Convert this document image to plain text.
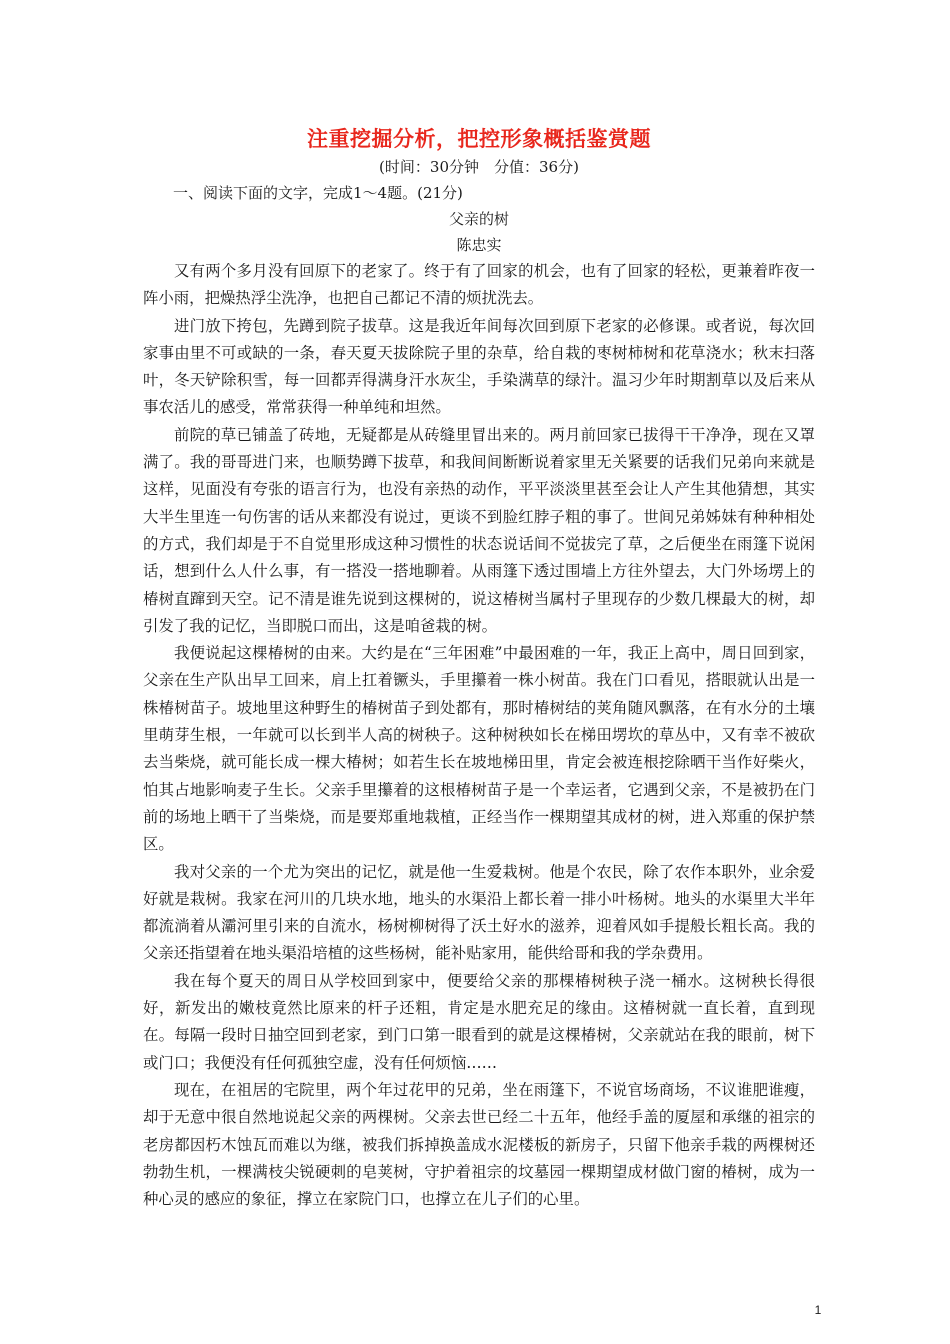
注重挖掘分析，把控形象概括鉴赏题

(时间：30分钟　分值：36分)

一、阅读下面的文字，完成1～4题。(21分)

父亲的树

陈忠实

又有两个多月没有回原下的老家了。终于有了回家的机会，也有了回家的轻松，更兼着昨夜一阵小雨，把燥热浮尘洗净，也把自己都记不清的烦扰洗去。

进门放下挎包，先蹲到院子拔草。这是我近年间每次回到原下老家的必修课。或者说，每次回家事由里不可或缺的一条，春天夏天拔除院子里的杂草，给自栽的枣树柿树和花草浇水；秋末扫落叶，冬天铲除积雪，每一回都弄得满身汗水灰尘，手染满草的绿汁。温习少年时期割草以及后来从事农活儿的感受，常常获得一种单纯和坦然。

前院的草已铺盖了砖地，无疑都是从砖缝里冒出来的。两月前回家已拔得干干净净，现在又罩满了。我的哥哥进门来，也顺势蹲下拔草，和我间间断断说着家里无关紧要的话我们兄弟向来就是这样，见面没有夸张的语言行为，也没有亲热的动作，平平淡淡里甚至会让人产生其他猜想，其实大半生里连一句伤害的话从来都没有说过，更谈不到脸红脖子粗的事了。世间兄弟姊妹有种种相处的方式，我们却是于不自觉里形成这种习惯性的状态说话间不觉拔完了草，之后便坐在雨篷下说闲话，想到什么人什么事，有一搭没一搭地聊着。从雨篷下透过围墙上方往外望去，大门外场塄上的椿树直蹿到天空。记不清是谁先说到这棵树的，说这椿树当属村子里现存的少数几棵最大的树，却引发了我的记忆，当即脱口而出，这是咱爸栽的树。

我便说起这棵椿树的由来。大约是在“三年困难”中最困难的一年，我正上高中，周日回到家，父亲在生产队出早工回来，肩上扛着镢头，手里攥着一株小树苗。我在门口看见，搭眼就认出是一株椿树苗子。坡地里这种野生的椿树苗子到处都有，那时椿树结的荚角随风飘落，在有水分的土壤里萌芽生根，一年就可以长到半人高的树秧子。这种树秧如长在梯田塄坎的草丛中，又有幸不被砍去当柴烧，就可能长成一棵大椿树；如若生长在坡地梯田里，肯定会被连根挖除晒干当作好柴火，怕其占地影响麦子生长。父亲手里攥着的这根椿树苗子是一个幸运者，它遇到父亲，不是被扔在门前的场地上晒干了当柴烧，而是要郑重地栽植，正经当作一棵期望其成材的树，进入郑重的保护禁区。

我对父亲的一个尤为突出的记忆，就是他一生爱栽树。他是个农民，除了农作本职外，业余爱好就是栽树。我家在河川的几块水地，地头的水渠沿上都长着一排小叶杨树。地头的水渠里大半年都流淌着从灞河里引来的自流水，杨树柳树得了沃土好水的滋养，迎着风如手提般长粗长高。我的父亲还指望着在地头渠沿培植的这些杨树，能补贴家用，能供给哥和我的学杂费用。

我在每个夏天的周日从学校回到家中，便要给父亲的那棵椿树秧子浇一桶水。这树秧长得很好，新发出的嫩枝竟然比原来的杆子还粗，肯定是水肥充足的缘由。这椿树就一直长着，直到现在。每隔一段时日抽空回到老家，到门口第一眼看到的就是这棵椿树，父亲就站在我的眼前，树下或门口；我便没有任何孤独空虚，没有任何烦恼……

现在，在祖居的宅院里，两个年过花甲的兄弟，坐在雨篷下，不说官场商场，不议谁肥谁瘦，却于无意中很自然地说起父亲的两棵树。父亲去世已经二十五年，他经手盖的厦屋和承继的祖宗的老房都因朽木蚀瓦而难以为继，被我们拆掉换盖成水泥楼板的新房子，只留下他亲手栽的两棵树还勃勃生机，一棵满枝尖锐硬刺的皂荚树，守护着祖宗的坟墓园一棵期望成材做门窗的椿树，成为一种心灵的感应的象征，撑立在家院门口，也撑立在儿子们的心里。

1
